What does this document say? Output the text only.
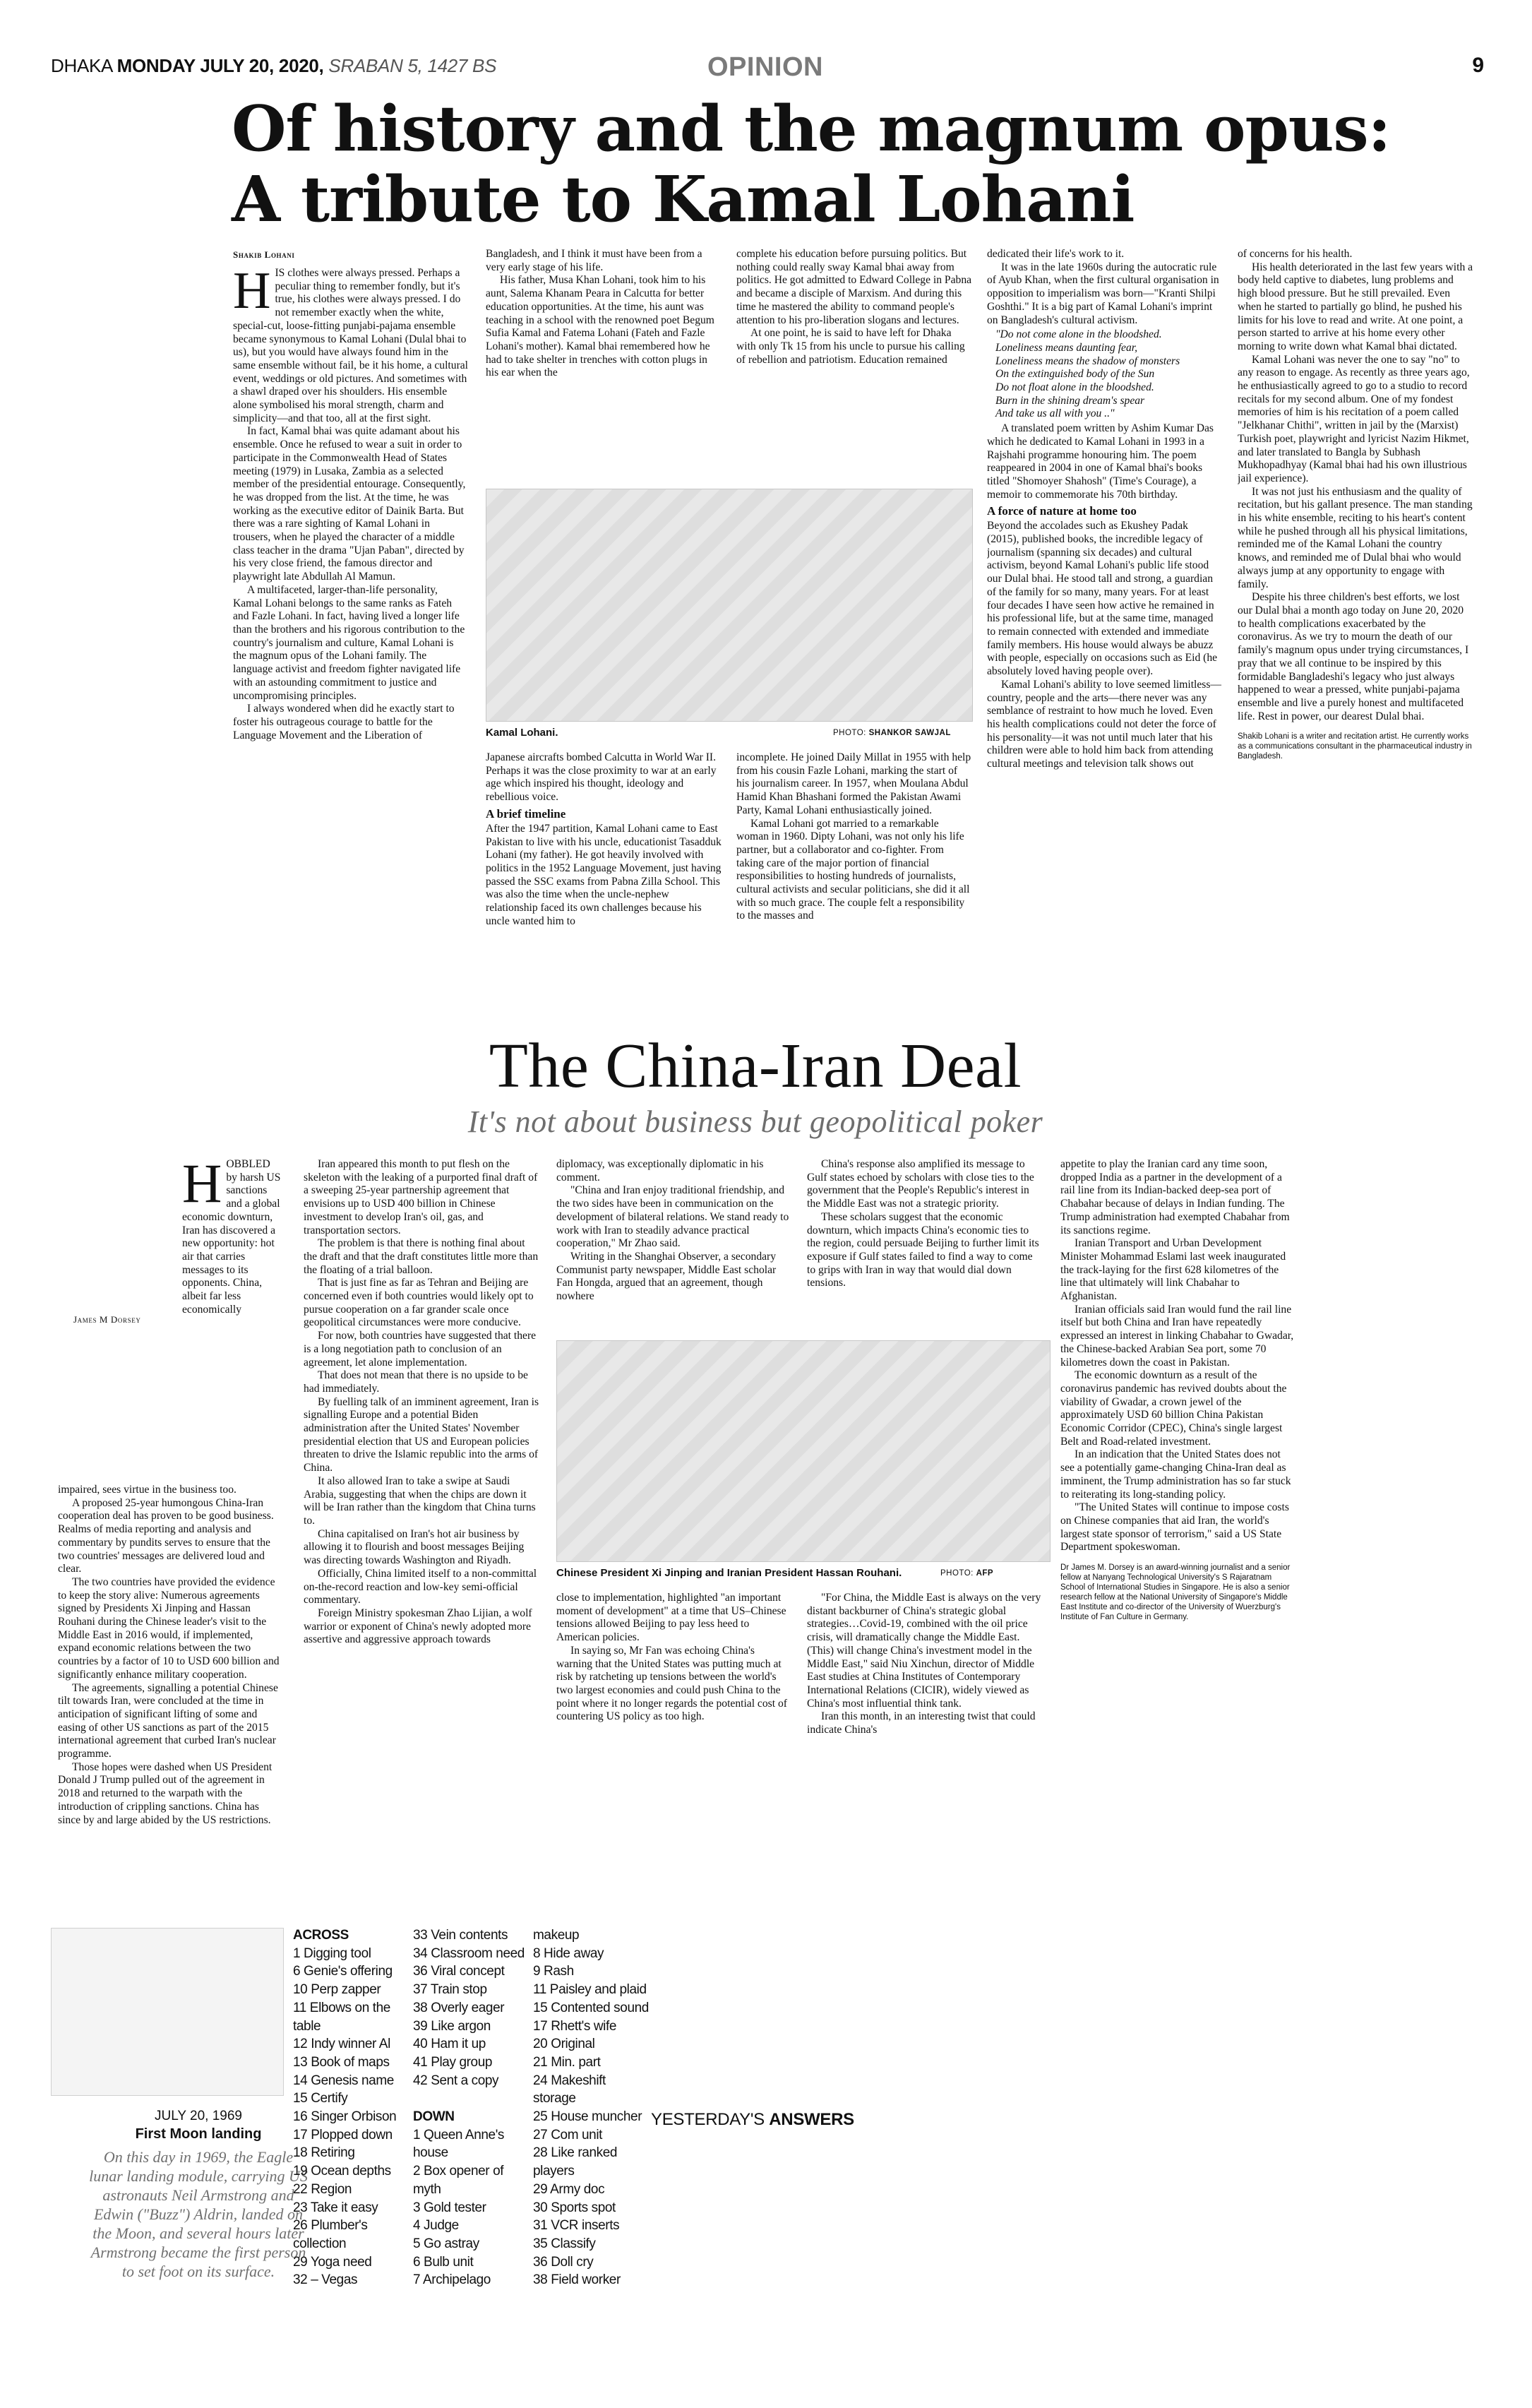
DHAKA MONDAY JULY 20, 2020, SRABAN 5, 1427 BS	OPINION	9
Of history and the magnum opus:
A tribute to Kamal Lohani
Shakib Lohani
H IS clothes were always pressed. Perhaps a peculiar thing to remember fondly, but it's true, his clothes were always pressed. I do not remember exactly when the white, special-cut, loose-fitting punjabi-pajama ensemble became synonymous to Kamal Lohani (Dulal bhai to us), but you would have always found him in the same ensemble without fail, be it his home, a cultural event, weddings or old pictures. And sometimes with a shawl draped over his shoulders. His ensemble alone symbolised his moral strength, charm and simplicity—and that too, all at the first sight.

In fact, Kamal bhai was quite adamant about his ensemble. Once he refused to wear a suit in order to participate in the Commonwealth Head of States meeting (1979) in Lusaka, Zambia as a selected member of the presidential entourage. Consequently, he was dropped from the list. At the time, he was working as the executive editor of Dainik Barta. But there was a rare sighting of Kamal Lohani in trousers, when he played the character of a middle class teacher in the drama "Ujan Paban", directed by his very close friend, the famous director and playwright late Abdullah Al Mamun.

A multifaceted, larger-than-life personality, Kamal Lohani belongs to the same ranks as Fateh and Fazle Lohani. In fact, having lived a longer life than the brothers and his rigorous contribution to the country's journalism and culture, Kamal Lohani is the magnum opus of the Lohani family. The language activist and freedom fighter navigated life with an astounding commitment to justice and uncompromising principles.

I always wondered when did he exactly start to foster his outrageous courage to battle for the Language Movement and the Liberation of

Bangladesh, and I think it must have been from a very early stage of his life.

His father, Musa Khan Lohani, took him to his aunt, Salema Khanam Peara in Calcutta for better education opportunities. At the time, his aunt was teaching in a school with the renowned poet Begum Sufia Kamal and Fatema Lohani (Fateh and Fazle Lohani's mother). Kamal bhai remembered how he had to take shelter in trenches with cotton plugs in his ear when the

complete his education before pursuing politics. But nothing could really sway Kamal bhai away from politics. He got admitted to Edward College in Pabna and became a disciple of Marxism. And during this time he mastered the ability to command people's attention to his pro-liberation slogans and lectures.

At one point, he is said to have left for Dhaka with only Tk 15 from his uncle to pursue his calling of rebellion and patriotism. Education remained

Kamal Lohani.	PHOTO: SHANKOR SAWJAL

Japanese aircrafts bombed Calcutta in World War II. Perhaps it was the close proximity to war at an early age which inspired his thought, ideology and rebellious voice.

A brief timeline

After the 1947 partition, Kamal Lohani came to East Pakistan to live with his uncle, educationist Tasadduk Lohani (my father). He got heavily involved with politics in the 1952 Language Movement, just having passed the SSC exams from Pabna Zilla School. This was also the time when the uncle-nephew relationship faced its own challenges because his uncle wanted him to

incomplete. He joined Daily Millat in 1955 with help from his cousin Fazle Lohani, marking the start of his journalism career. In 1957, when Moulana Abdul Hamid Khan Bhashani formed the Pakistan Awami Party, Kamal Lohani enthusiastically joined.

Kamal Lohani got married to a remarkable woman in 1960. Dipty Lohani, was not only his life partner, but a collaborator and co-fighter. From taking care of the major portion of financial responsibilities to hosting hundreds of journalists, cultural activists and secular politicians, she did it all with so much grace. The couple felt a responsibility to the masses and

dedicated their life's work to it.

It was in the late 1960s during the autocratic rule of Ayub Khan, when the first cultural organisation in opposition to imperialism was born—"Kranti Shilpi Goshthi." It is a big part of Kamal Lohani's imprint on Bangladesh's cultural activism.

"Do not come alone in the bloodshed.

Loneliness means daunting fear,

Loneliness means the shadow of monsters

On the extinguished body of the Sun

Do not float alone in the bloodshed.

Burn in the shining dream's spear

And take us all with you .."

A translated poem written by Ashim Kumar Das which he dedicated to Kamal Lohani in 1993 in a Rajshahi programme honouring him. The poem reappeared in 2004 in one of Kamal bhai's books titled "Shomoyer Shahosh" (Time's Courage), a memoir to commemorate his 70th birthday.

A force of nature at home too

Beyond the accolades such as Ekushey Padak (2015), published books, the incredible legacy of journalism (spanning six decades) and cultural activism, beyond Kamal Lohani's public life stood our Dulal bhai. He stood tall and strong, a guardian of the family for so many, many years. For at least four decades I have seen how active he remained in his professional life, but at the same time, managed to remain connected with extended and immediate family members. His house would always be abuzz with people, especially on occasions such as Eid (he absolutely loved having people over).

Kamal Lohani's ability to love seemed limitless—country, people and the arts—there never was any semblance of restraint to how much he loved. Even his health complications could not deter the force of his personality—it was not until much later that his children were able to hold him back from attending cultural meetings and television talk shows out

of concerns for his health.

His health deteriorated in the last few years with a body held captive to diabetes, lung problems and high blood pressure. But he still prevailed. Even when he started to partially go blind, he pushed his limits for his love to read and write. At one point, a person started to arrive at his home every other morning to write down what Kamal bhai dictated.

Kamal Lohani was never the one to say "no" to any reason to engage. As recently as three years ago, he enthusiastically agreed to go to a studio to record recitals for my second album. One of my fondest memories of him is his recitation of a poem called "Jelkhanar Chithi", written in jail by the (Marxist) Turkish poet, playwright and lyricist Nazim Hikmet, and later translated to Bangla by Subhash Mukhopadhyay (Kamal bhai had his own illustrious jail experience).

It was not just his enthusiasm and the quality of recitation, but his gallant presence. The man standing in his white ensemble, reciting to his heart's content while he pushed through all his physical limitations, reminded me of the Kamal Lohani the country knows, and reminded me of Dulal bhai who would always jump at any opportunity to engage with family.

Despite his three children's best efforts, we lost our Dulal bhai a month ago today on June 20, 2020 to health complications exacerbated by the coronavirus. As we try to mourn the death of our family's magnum opus under trying circumstances, I pray that we all continue to be inspired by this formidable Bangladeshi's legacy who just always happened to wear a pressed, white punjabi-pajama ensemble and live a purely honest and multifaceted life. Rest in power, our dearest Dulal bhai.

Shakib Lohani is a writer and recitation artist. He currently works as a communications consultant in the pharmaceutical industry in Bangladesh.
The China-Iran Deal
It's not about business but geopolitical poker
James M Dorsey
H OBBLED by harsh US sanctions and a global economic downturn, Iran has discovered a new opportunity: hot air that carries messages to its opponents. China, albeit far less economically

impaired, sees virtue in the business too.

A proposed 25-year humongous China-Iran cooperation deal has proven to be good business. Realms of media reporting and analysis and commentary by pundits serves to ensure that the two countries' messages are delivered loud and clear.

The two countries have provided the evidence to keep the story alive: Numerous agreements signed by Presidents Xi Jinping and Hassan Rouhani during the Chinese leader's visit to the Middle East in 2016 would, if implemented, expand economic relations between the two countries by a factor of 10 to USD 600 billion and significantly enhance military cooperation.

The agreements, signalling a potential Chinese tilt towards Iran, were concluded at the time in anticipation of significant lifting of some and easing of other US sanctions as part of the 2015 international agreement that curbed Iran's nuclear programme.

Those hopes were dashed when US President Donald J Trump pulled out of the agreement in 2018 and returned to the warpath with the introduction of crippling sanctions. China has since by and large abided by the US restrictions.

Iran appeared this month to put flesh on the skeleton with the leaking of a purported final draft of a sweeping 25-year partnership agreement that envisions up to USD 400 billion in Chinese investment to develop Iran's oil, gas, and transportation sectors.

The problem is that there is nothing final about the draft and that the draft constitutes little more than the floating of a trial balloon.

That is just fine as far as Tehran and Beijing are concerned even if both countries would likely opt to pursue cooperation on a far grander scale once geopolitical circumstances were more conducive.

For now, both countries have suggested that there is a long negotiation path to conclusion of an agreement, let alone implementation.

That does not mean that there is no upside to be had immediately.

By fuelling talk of an imminent agreement, Iran is signalling Europe and a potential Biden administration after the United States' November presidential election that US and European policies threaten to drive the Islamic republic into the arms of China.

It also allowed Iran to take a swipe at Saudi Arabia, suggesting that when the chips are down it will be Iran rather than the kingdom that China turns to.

China capitalised on Iran's hot air business by allowing it to flourish and boost messages Beijing was directing towards Washington and Riyadh.

Officially, China limited itself to a non-committal on-the-record reaction and low-key semi-official commentary.

Foreign Ministry spokesman Zhao Lijian, a wolf warrior or exponent of China's newly adopted more assertive and aggressive approach towards

diplomacy, was exceptionally diplomatic in his comment.

"China and Iran enjoy traditional friendship, and the two sides have been in communication on the development of bilateral relations. We stand ready to work with Iran to steadily advance practical cooperation," Mr Zhao said.

Writing in the Shanghai Observer, a secondary Communist party newspaper, Middle East scholar Fan Hongda, argued that an agreement, though nowhere

China's response also amplified its message to Gulf states echoed by scholars with close ties to the government that the People's Republic's interest in the Middle East was not a strategic priority.

These scholars suggest that the economic downturn, which impacts China's economic ties to the region, could persuade Beijing to further limit its exposure if Gulf states failed to find a way to come to grips with Iran in way that would dial down tensions.

Chinese President Xi Jinping and Iranian President Hassan Rouhani.	PHOTO: AFP

close to implementation, highlighted "an important moment of development" at a time that US–Chinese tensions allowed Beijing to pay less heed to American policies.

In saying so, Mr Fan was echoing China's warning that the United States was putting much at risk by ratcheting up tensions between the world's two largest economies and could push China to the point where it no longer regards the potential cost of countering US policy as too high.

"For China, the Middle East is always on the very distant backburner of China's strategic global strategies…Covid-19, combined with the oil price crisis, will dramatically change the Middle East. (This) will change China's investment model in the Middle East," said Niu Xinchun, director of Middle East studies at China Institutes of Contemporary International Relations (CICIR), widely viewed as China's most influential think tank.

Iran this month, in an interesting twist that could indicate China's

appetite to play the Iranian card any time soon, dropped India as a partner in the development of a rail line from its Indian-backed deep-sea port of Chabahar because of delays in Indian funding. The Trump administration had exempted Chabahar from its sanctions regime.

Iranian Transport and Urban Development Minister Mohammad Eslami last week inaugurated the track-laying for the first 628 kilometres of the line that ultimately will link Chabahar to Afghanistan.

Iranian officials said Iran would fund the rail line itself but both China and Iran have repeatedly expressed an interest in linking Chabahar to Gwadar, the Chinese-backed Arabian Sea port, some 70 kilometres down the coast in Pakistan.

The economic downturn as a result of the coronavirus pandemic has revived doubts about the viability of Gwadar, a crown jewel of the approximately USD 60 billion China Pakistan Economic Corridor (CPEC), China's single largest Belt and Road-related investment.

In an indication that the United States does not see a potentially game-changing China-Iran deal as imminent, the Trump administration has so far stuck to reiterating its long-standing policy.

"The United States will continue to impose costs on Chinese companies that aid Iran, the world's largest state sponsor of terrorism," said a US State Department spokeswoman.

Dr James M. Dorsey is an award-winning journalist and a senior fellow at Nanyang Technological University's S Rajaratnam School of International Studies in Singapore. He is also a senior research fellow at the National University of Singapore's Middle East Institute and co-director of the University of Wuerzburg's Institute of Fan Culture in Germany.
JULY 20, 1969
First Moon landing
On this day in 1969, the Eagle lunar landing module, carrying US astronauts Neil Armstrong and Edwin ("Buzz") Aldrin, landed on the Moon, and several hours later Armstrong became the first person to set foot on its surface.
ACROSS
1 Digging tool
6 Genie's offering
10 Perp zapper
11 Elbows on the
table
12 Indy winner Al
13 Book of maps
14 Genesis name
15 Certify
16 Singer Orbison
17 Plopped down
18 Retiring
19 Ocean depths
22 Region
23 Take it easy
26 Plumber's
collection
29 Yoga need
32 – Vegas
33 Vein contents
34 Classroom need
36 Viral concept
37 Train stop
38 Overly eager
39 Like argon
40 Ham it up
41 Play group
42 Sent a copy
DOWN
1 Queen Anne's
house
2 Box opener of
myth
3 Gold tester
4 Judge
5 Go astray
6 Bulb unit
7 Archipelago
makeup
8 Hide away
9 Rash
11 Paisley and plaid
15 Contented sound
17 Rhett's wife
20 Original
21 Min. part
24 Makeshift
storage
25 House muncher
27 Com unit
28 Like ranked
players
29 Army doc
30 Sports spot
31 VCR inserts
35 Classify
36 Doll cry
38 Field worker
YESTERDAY'S ANSWERS
